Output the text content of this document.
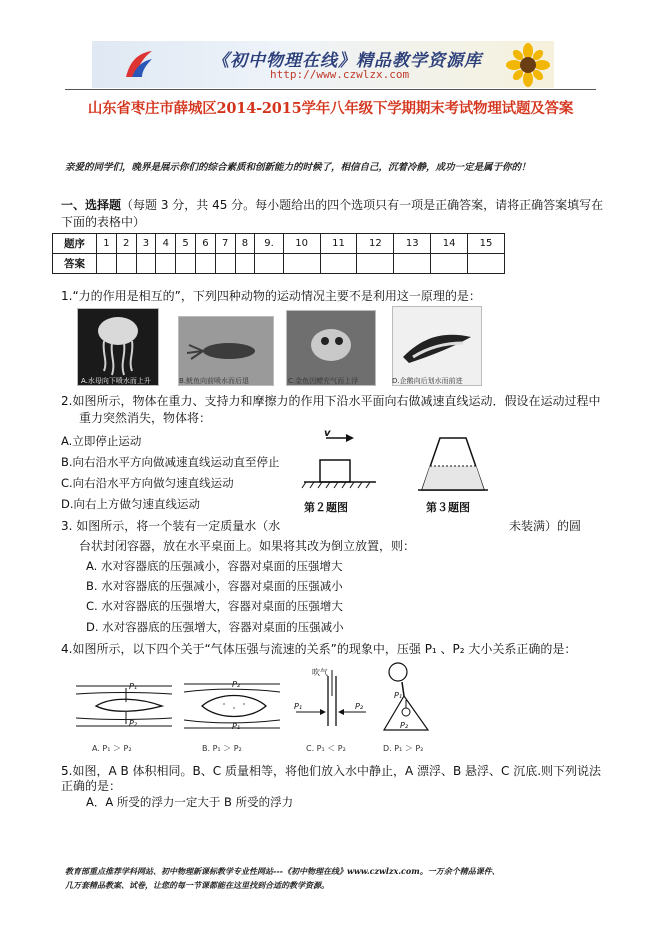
《初中物理在线》精品教学资源库
http://www.czwlzx.com
山东省枣庄市薛城区2014-2015学年八年级下学期期末考试物理试题及答案
亲爱的同学们，晚界是展示你们的综合素质和创新能力的时候了，相信自己，沉着冷静，成功一定是属于你的！
一、选择题（每题 3 分，共 45 分。每小题给出的四个选项只有一项是正确答案，请将正确答案填写在
下面的表格中）
题序	1	2	3	4	5	6	7	8	9.	10	11	12	13	14	15
答案															
1.“力的作用是相互的”，下列四种动物的运动情况主要不是利用这一原理的是：
A.水母向下喷水而上升	B.鱿鱼向前喷水而后退	C.金鱼因鳔充气而上浮	D.企鹅向后划水而前进
2.如图所示，物体在重力、支持力和摩擦力的作用下沿水平面向右做减速直线运动．假设在运动过程中
重力突然消失，物体将：
A.立即停止运动
B.向右沿水平方向做减速直线运动直至停止
C.向右沿水平方向做匀速直线运动
D.向右上方做匀速直线运动
v
第２题图	第３题图
3. 如图所示，将一个装有一定质量水（水	未装满）的圆
台状封闭容器，放在水平桌面上。如果将其改为倒立放置，则：
A. 水对容器底的压强减小，容器对桌面的压强增大
B. 水对容器底的压强减小，容器对桌面的压强减小
C. 水对容器底的压强增大，容器对桌面的压强增大
D. 水对容器底的压强增大，容器对桌面的压强减小
4.如图所示，以下四个关于“气体压强与流速的关系”的现象中，压强 P₁ 、P₂ 大小关系正确的是：
P₁
P₂
A. P₁ ＞ P₂
P₂
P₁
B. P₁ ＞ P₂
吹气
P₁	P₂
C. P₁ ＜ P₂
P₁
P₂
D. P₁ ＞ P₂
5.如图，A B 体积相同。B、C 质量相等，将他们放入水中静止，A 漂浮、B 悬浮、C 沉底.则下列说法
正确的是：
A．A 所受的浮力一定大于 B 所受的浮力
教育部重点推荐学科网站、初中物理新课标教学专业性网站---《初中物理在线》www.czwlzx.com。一万余个精品课件、
几万套精品教案、试卷，让您的每一节课都能在这里找到合适的教学资源。
